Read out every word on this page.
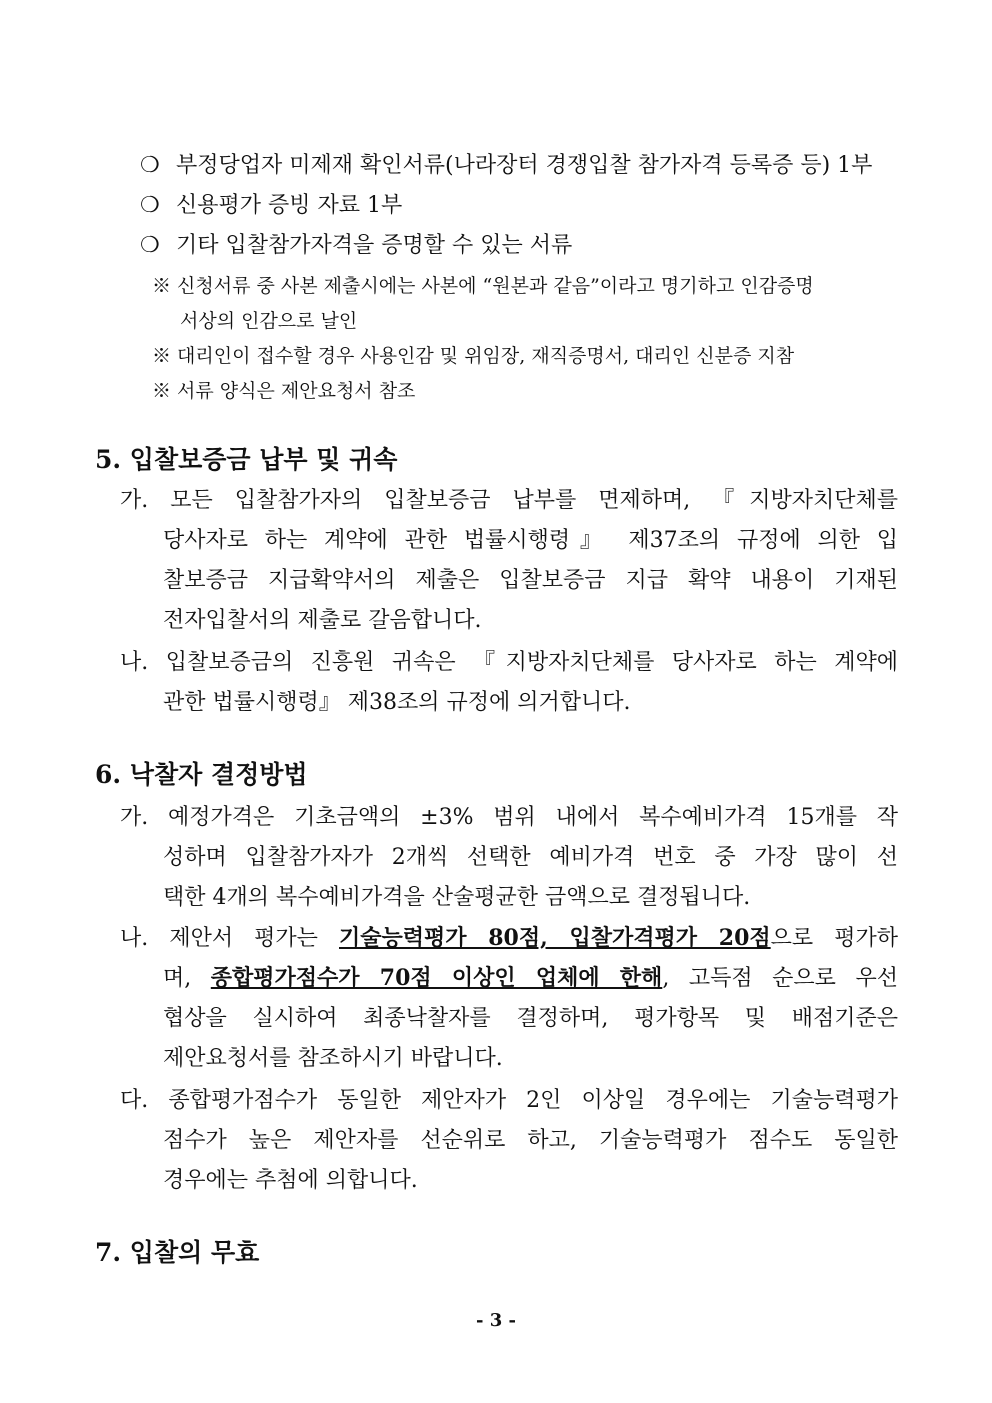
❍ 부정당업자 미제재 확인서류(나라장터 경쟁입찰 참가자격 등록증 등) 1부
❍ 신용평가 증빙 자료 1부
❍ 기타 입찰참가자격을 증명할 수 있는 서류
※ 신청서류 중 사본 제출시에는 사본에 “원본과 같음”이라고 명기하고 인감증명
서상의 인감으로 날인
※ 대리인이 접수할 경우 사용인감 및 위임장, 재직증명서, 대리인 신분증 지참
※ 서류 양식은 제안요청서 참조
5. 입찰보증금 납부 및 귀속
가. 모든 입찰참가자의 입찰보증금 납부를 면제하며, 『지방자치단체를
당사자로 하는 계약에 관한 법률시행령』 제37조의 규정에 의한 입
찰보증금 지급확약서의 제출은 입찰보증금 지급 확약 내용이 기재된
전자입찰서의 제출로 갈음합니다.
나. 입찰보증금의 진흥원 귀속은 『지방자치단체를 당사자로 하는 계약에
관한 법률시행령』 제38조의 규정에 의거합니다.
6. 낙찰자 결정방법
가. 예정가격은 기초금액의 ±3% 범위 내에서 복수예비가격 15개를 작
성하며 입찰참가자가 2개씩 선택한 예비가격 번호 중 가장 많이 선
택한 4개의 복수예비가격을 산술평균한 금액으로 결정됩니다.
나. 제안서 평가는 기술능력평가 80점, 입찰가격평가 20점으로 평가하
며, 종합평가점수가 70점 이상인 업체에 한해, 고득점 순으로 우선
협상을 실시하여 최종낙찰자를 결정하며, 평가항목 및 배점기준은
제안요청서를 참조하시기 바랍니다.
다. 종합평가점수가 동일한 제안자가 2인 이상일 경우에는 기술능력평가
점수가 높은 제안자를 선순위로 하고, 기술능력평가 점수도 동일한
경우에는 추첨에 의합니다.
7. 입찰의 무효
- 3 -
